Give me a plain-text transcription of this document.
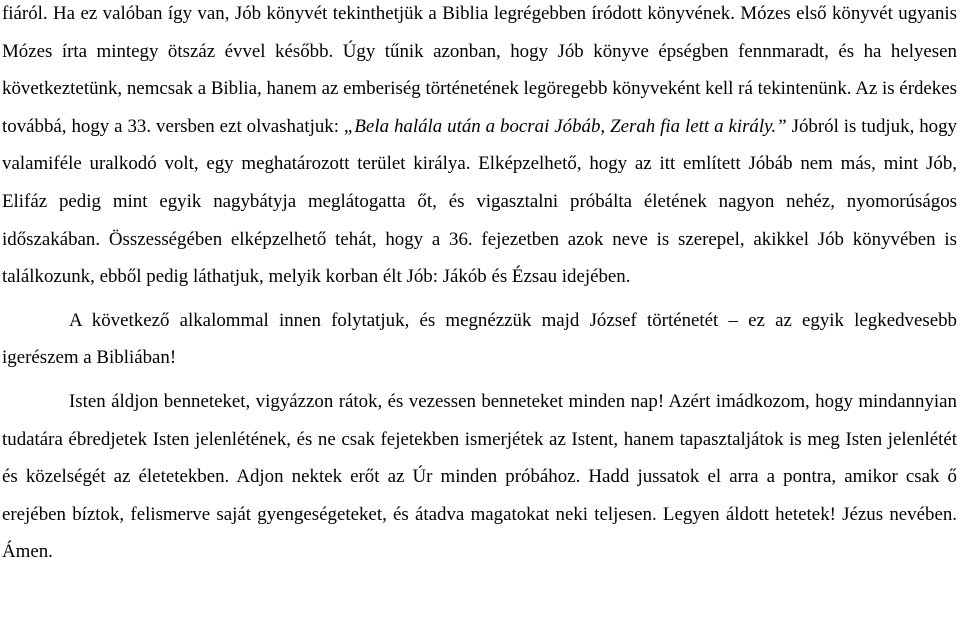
fiáról. Ha ez valóban így van, Jób könyvét tekinthetjük a Biblia legrégebben íródott könyvének. Mózes első könyvét ugyanis Mózes írta mintegy ötszáz évvel később. Úgy tűnik azonban, hogy Jób könyve épségben fennmaradt, és ha helyesen következtetünk, nemcsak a Biblia, hanem az emberiség történetének legöregebb könyveként kell rá tekintenünk. Az is érdekes továbbá, hogy a 33. versben ezt olvashatjuk: „Bela halála után a bocrai Jóbáb, Zerah fia lett a király.” Jóbról is tudjuk, hogy valamiféle uralkodó volt, egy meghatározott terület királya. Elképzelhető, hogy az itt említett Jóbáb nem más, mint Jób, Elifáz pedig mint egyik nagybátyja meglátogatta őt, és vigasztalni próbálta életének nagyon nehéz, nyomorúságos időszakában. Összességében elképzelhető tehát, hogy a 36. fejezetben azok neve is szerepel, akikkel Jób könyvében is találkozunk, ebből pedig láthatjuk, melyik korban élt Jób: Jákób és Ézsau idejében.

A következő alkalommal innen folytatjuk, és megnézzük majd József történetét – ez az egyik legkedvesebb igerészem a Bibliában!

Isten áldjon benneteket, vigyázzon rátok, és vezessen benneteket minden nap! Azért imádkozom, hogy mindannyian tudatára ébredjetek Isten jelenlétének, és ne csak fejetekben ismerjétek az Istent, hanem tapasztaljátok is meg Isten jelenlétét és közelségét az életetekben. Adjon nektek erőt az Úr minden próbához. Hadd jussatok el arra a pontra, amikor csak ő erejében bíztok, felismerve saját gyengeségeteket, és átadva magatokat neki teljesen. Legyen áldott hetetek! Jézus nevében. Ámen.
